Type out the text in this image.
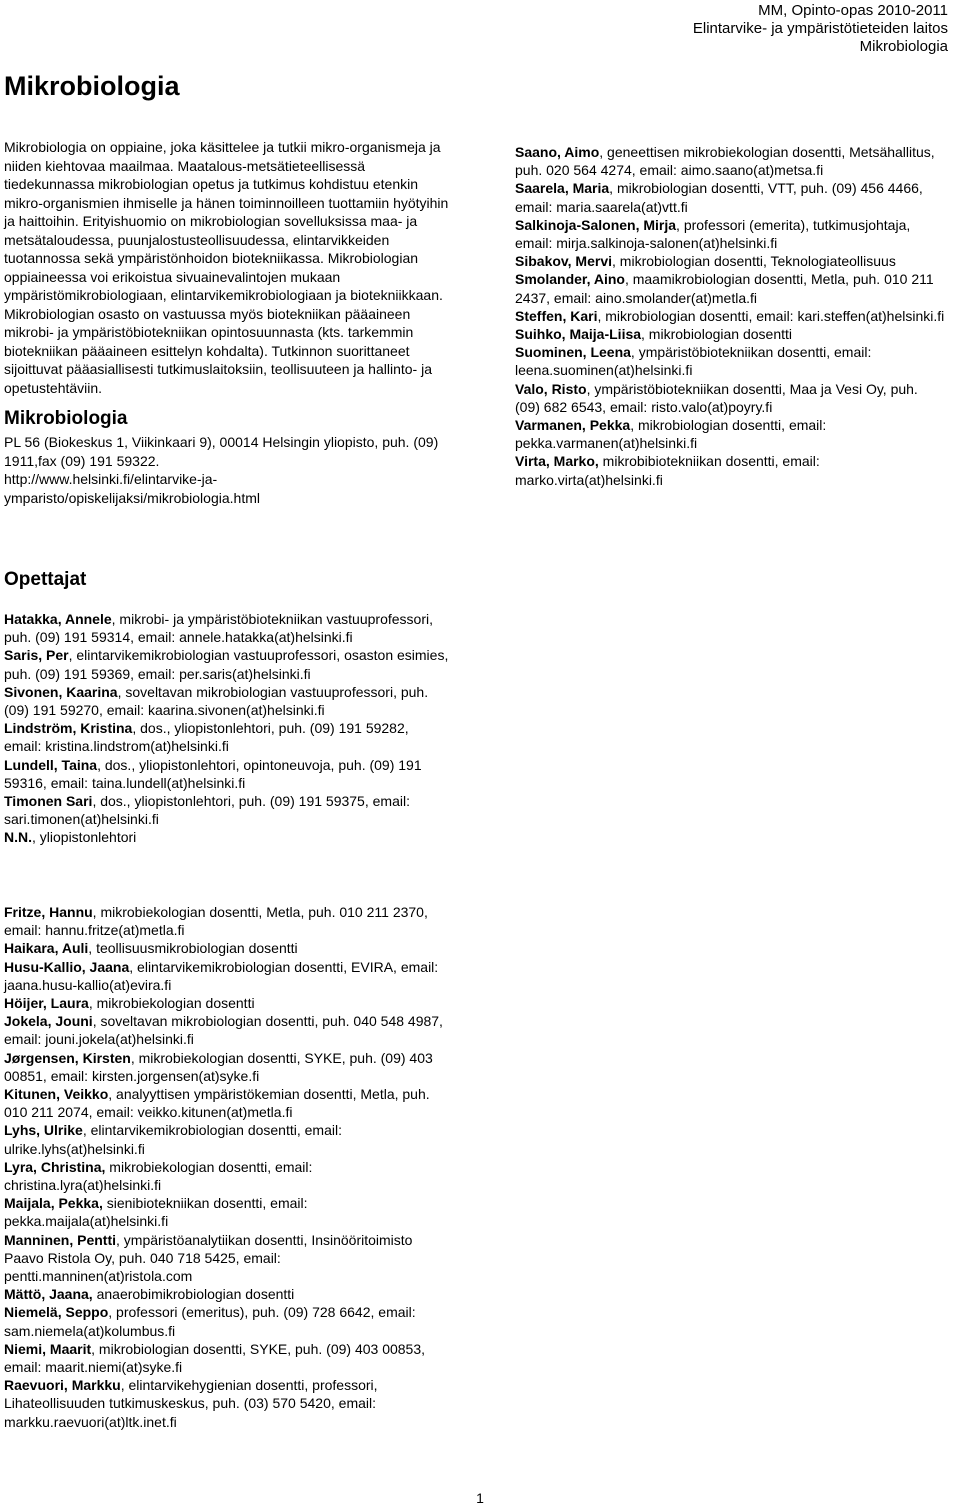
MM, Opinto-opas 2010-2011
Elintarvike- ja ympäristötieteiden laitos
Mikrobiologia
Mikrobiologia

Mikrobiologia on oppiaine, joka käsittelee ja tutkii mikro-organismeja ja niiden kiehtovaa maailmaa. Maatalous-metsätieteellisessä tiedekunnassa mikrobiologian opetus ja tutkimus kohdistuu etenkin mikro-organismien ihmiselle ja hänen toiminnoilleen tuottamiin hyötyihin ja haittoihin. Erityishuomio on mikrobiologian sovelluksissa maa- ja metsätaloudessa, puunjalostusteollisuudessa, elintarvikkeiden tuotannossa sekä ympäristönhoidon biotekniikassa. Mikrobiologian oppiaineessa voi erikoistua sivuainevalintojen mukaan ympäristömikrobiologiaan, elintarvikemikrobiologiaan ja biotekniikkaan. Mikrobiologian osasto on vastuussa myös biotekniikan pääaineen mikrobi- ja ympäristöbiotekniikan opintosuunnasta (kts. tarkemmin biotekniikan pääaineen esittelyn kohdalta). Tutkinnon suorittaneet sijoittuvat pääasiallisesti tutkimuslaitoksiin, teollisuuteen ja hallinto- ja opetustehtäviin.

Mikrobiologia

PL 56 (Biokeskus 1, Viikinkaari 9), 00014 Helsingin yliopisto, puh. (09) 1911,fax (09) 191 59322.

http://www.helsinki.fi/elintarvike-ja-ymparisto/opiskelijaksi/mikrobiologia.html

Opettajat
Hatakka, Annele, mikrobi- ja ympäristöbiotekniikan vastuuprofessori, puh. (09) 191 59314, email: annele.hatakka(at)helsinki.fi
Saris, Per, elintarvikemikrobiologian vastuuprofessori, osaston esimies, puh. (09) 191 59369, email: per.saris(at)helsinki.fi
Sivonen, Kaarina, soveltavan mikrobiologian vastuuprofessori, puh. (09) 191 59270, email: kaarina.sivonen(at)helsinki.fi
Lindström, Kristina, dos., yliopistonlehtori, puh. (09) 191 59282, email: kristina.lindstrom(at)helsinki.fi
Lundell, Taina, dos., yliopistonlehtori, opintoneuvoja, puh. (09) 191 59316, email: taina.lundell(at)helsinki.fi
Timonen Sari, dos., yliopistonlehtori, puh. (09) 191 59375, email: sari.timonen(at)helsinki.fi
N.N., yliopistonlehtori
Fritze, Hannu, mikrobiekologian dosentti, Metla, puh. 010 211 2370, email: hannu.fritze(at)metla.fi
Haikara, Auli, teollisuusmikrobiologian dosentti
Husu-Kallio, Jaana, elintarvikemikrobiologian dosentti, EVIRA, email: jaana.husu-kallio(at)evira.fi
Höijer, Laura, mikrobiekologian dosentti
Jokela, Jouni, soveltavan mikrobiologian dosentti, puh. 040 548 4987, email: jouni.jokela(at)helsinki.fi
Jørgensen, Kirsten, mikrobiekologian dosentti, SYKE, puh. (09) 403 00851, email: kirsten.jorgensen(at)syke.fi
Kitunen, Veikko, analyyttisen ympäristökemian dosentti, Metla, puh. 010 211 2074, email: veikko.kitunen(at)metla.fi
Lyhs, Ulrike, elintarvikemikrobiologian dosentti, email: ulrike.lyhs(at)helsinki.fi
Lyra, Christina, mikrobiekologian dosentti, email: christina.lyra(at)helsinki.fi
Maijala, Pekka, sienibiotekniikan dosentti, email: pekka.maijala(at)helsinki.fi
Manninen, Pentti, ympäristöanalytiikan dosentti, Insinööritoimisto Paavo Ristola Oy, puh. 040 718 5425, email: pentti.manninen(at)ristola.com
Mättö, Jaana, anaerobimikrobiologian dosentti
Niemelä, Seppo, professori (emeritus), puh. (09) 728 6642, email: sam.niemela(at)kolumbus.fi
Niemi, Maarit, mikrobiologian dosentti, SYKE, puh. (09) 403 00853, email: maarit.niemi(at)syke.fi
Raevuori, Markku, elintarvikehygienian dosentti, professori, Lihateollisuuden tutkimuskeskus, puh. (03) 570 5420, email: markku.raevuori(at)ltk.inet.fi
Saano, Aimo, geneettisen mikrobiekologian dosentti, Metsähallitus, puh. 020 564 4274, email: aimo.saano(at)metsa.fi
Saarela, Maria, mikrobiologian dosentti, VTT, puh. (09) 456 4466, email: maria.saarela(at)vtt.fi
Salkinoja-Salonen, Mirja, professori (emerita), tutkimusjohtaja, email: mirja.salkinoja-salonen(at)helsinki.fi
Sibakov, Mervi, mikrobiologian dosentti, Teknologiateollisuus
Smolander, Aino, maamikrobiologian dosentti, Metla, puh. 010 211 2437, email: aino.smolander(at)metla.fi
Steffen, Kari, mikrobiologian dosentti, email: kari.steffen(at)helsinki.fi
Suihko, Maija-Liisa, mikrobiologian dosentti
Suominen, Leena, ympäristöbiotekniikan dosentti, email: leena.suominen(at)helsinki.fi
Valo, Risto, ympäristöbiotekniikan dosentti, Maa ja Vesi Oy, puh. (09) 682 6543, email: risto.valo(at)poyry.fi
Varmanen, Pekka, mikrobiologian dosentti, email: pekka.varmanen(at)helsinki.fi
Virta, Marko, mikrobibiotekniikan dosentti, email: marko.virta(at)helsinki.fi
1
